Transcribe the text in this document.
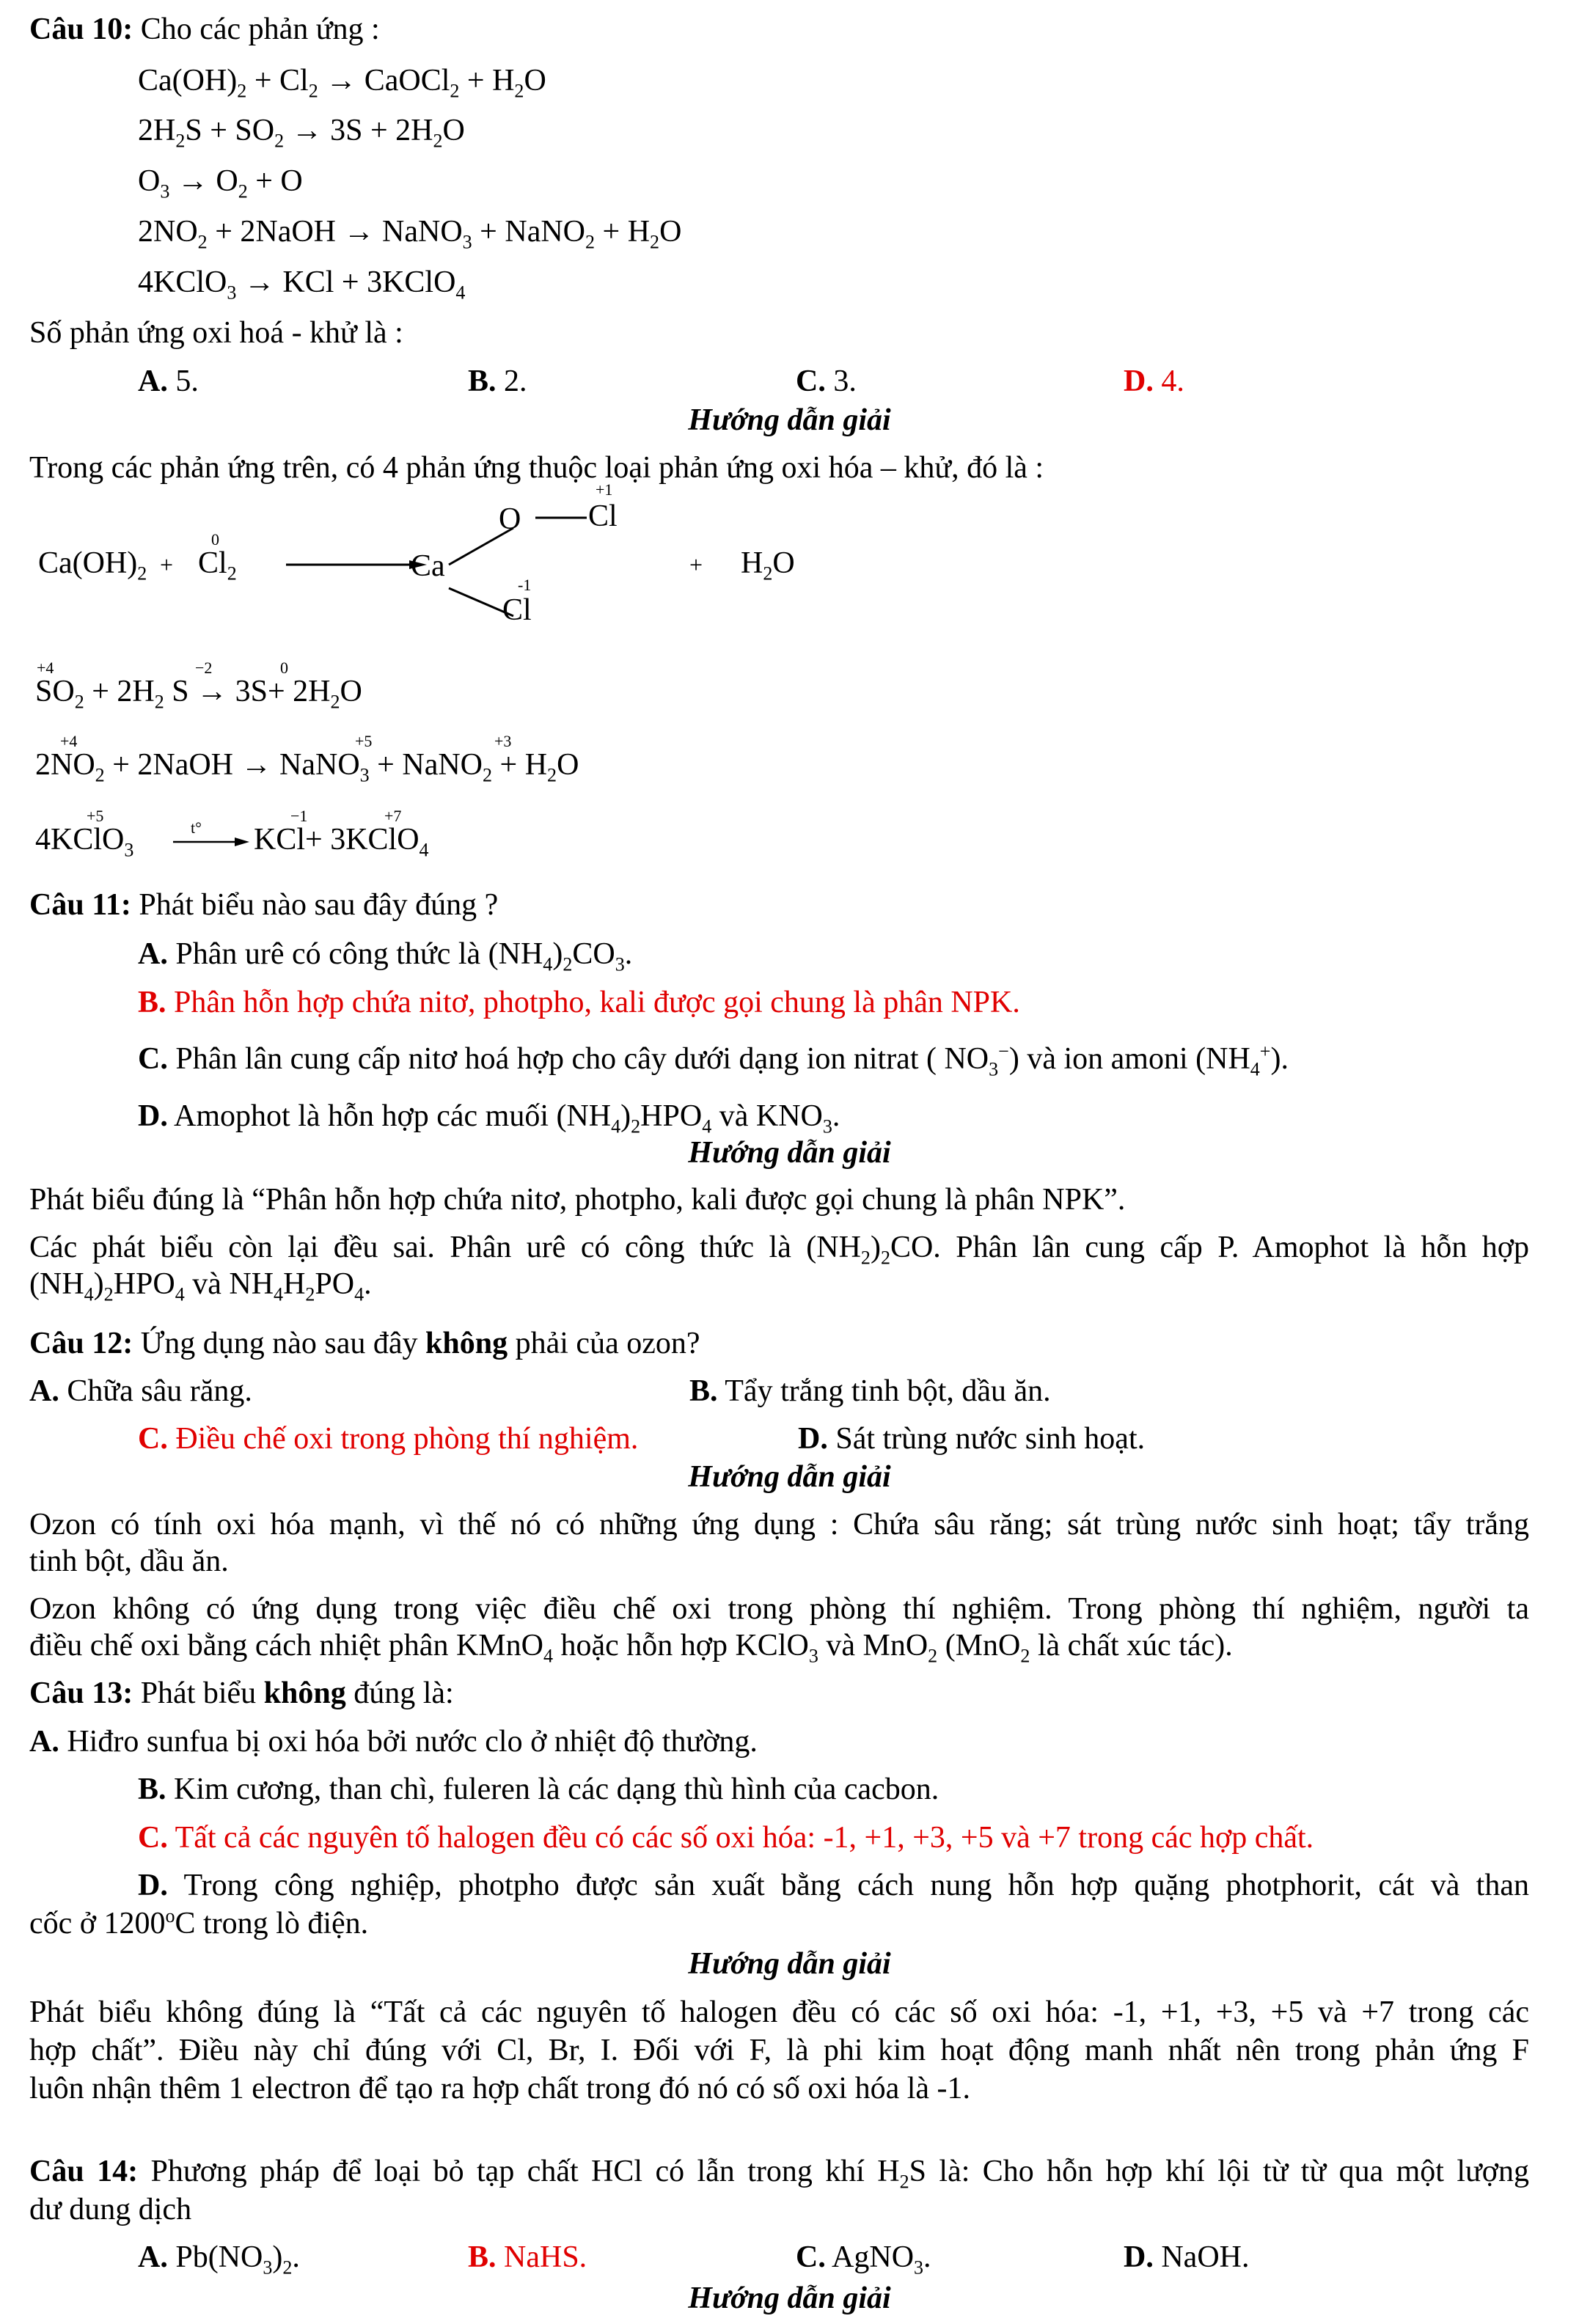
Câu 10: Cho các phản ứng :
$Ca(OH)_2 + Cl_2$ → CaOCl$_2$ + $H_2O$
$2H_2S + SO_2 \to 3S + 2H_2O$
$O_3 \to O_2 + O$
$2NO_2$ + 2NaOH → NaNO$_3$ + NaNO$_2$ + $H_2O$
4KClO$_3$ → KCl + 3KClO$_4$
Số phản ứng oxi hoá - khử là :
A. 5.	B. 2.	C. 3.	D. 4.
Hướng dẫn giải
Trong các phản ứng trên, có 4 phản ứng thuộc loại phản ứng oxi hóa – khử, đó là :
$Ca(OH)_2$ +
0
$Cl_2$	Ca
O
+1
Cl
-1
Cl
+ $H_2O$
+4	−2	0
$SO_2 + 2H_2$ $S \to 3S+ 2H_2O$
+4	+5	+3
$2NO_2$ + 2NaOH → NaNO$_3$ + NaNO$_2$ + $H_2O$
+5	−1	+7
4KClO$_3$
t° KCl+ 3KClO$_4$
Câu 11: Phát biểu nào sau đây đúng ?
A. Phân urê có công thức là $(NH_4)_2CO_3$.
B. Phân hỗn hợp chứa nitơ, photpho, kali được gọi chung là phân NPK.
C. Phân lân cung cấp nitơ hoá hợp cho cây dưới dạng ion nitrat ( $NO_3^-$) và ion amoni $(NH_4^+)$.
D. Amophot là hỗn hợp các muối $(NH_4)_2HPO_4$ và $KNO_3$.
Hướng dẫn giải
Phát biểu đúng là “Phân hỗn hợp chứa nitơ, photpho, kali được gọi chung là phân NPK”.
Các phát biểu còn lại đều sai. Phân urê có công thức là $(NH_2)_2CO$. Phân lân cung cấp P. Amophot là hỗn hợp
$(NH_4)_2HPO_4$ và $NH_4H_2PO_4$.
Câu 12: Ứng dụng nào sau đây không phải của ozon?
A. Chữa sâu răng.	B. Tẩy trắng tinh bột, dầu ăn.
C. Điều chế oxi trong phòng thí nghiệm.	D. Sát trùng nước sinh hoạt.
Hướng dẫn giải
Ozon có tính oxi hóa mạnh, vì thế nó có những ứng dụng : Chứa sâu răng; sát trùng nước sinh hoạt; tẩy trắng
tinh bột, dầu ăn.
Ozon không có ứng dụng trong việc điều chế oxi trong phòng thí nghiệm. Trong phòng thí nghiệm, người ta
điều chế oxi bằng cách nhiệt phân KMnO$_4$ hoặc hỗn hợp KClO$_3$ và MnO$_2$ (MnO$_2$ là chất xúc tác).
Câu 13: Phát biểu không đúng là:
A. Hiđro sunfua bị oxi hóa bởi nước clo ở nhiệt độ thường.
B. Kim cương, than chì, fuleren là các dạng thù hình của cacbon.
C. Tất cả các nguyên tố halogen đều có các số oxi hóa: -1, +1, +3, +5 và +7 trong các hợp chất.
D. Trong công nghiệp, photpho được sản xuất bằng cách nung hỗn hợp quặng photphorit, cát và than
cốc ở 1200$^o$C trong lò điện.
Hướng dẫn giải
Phát biểu không đúng là “Tất cả các nguyên tố halogen đều có các số oxi hóa: -1, +1, +3, +5 và +7 trong các
hợp chất”. Điều này chỉ đúng với Cl, Br, I. Đối với F, là phi kim hoạt động manh nhất nên trong phản ứng F
luôn nhận thêm 1 electron để tạo ra hợp chất trong đó nó có số oxi hóa là -1.
Câu 14: Phương pháp để loại bỏ tạp chất HCl có lẫn trong khí $H_2S$ là: Cho hỗn hợp khí lội từ từ qua một lượng
dư dung dịch
A. $Pb(NO_3)_2$.	B. NaHS.	C. AgNO$_3$.	D. NaOH.
Hướng dẫn giải
